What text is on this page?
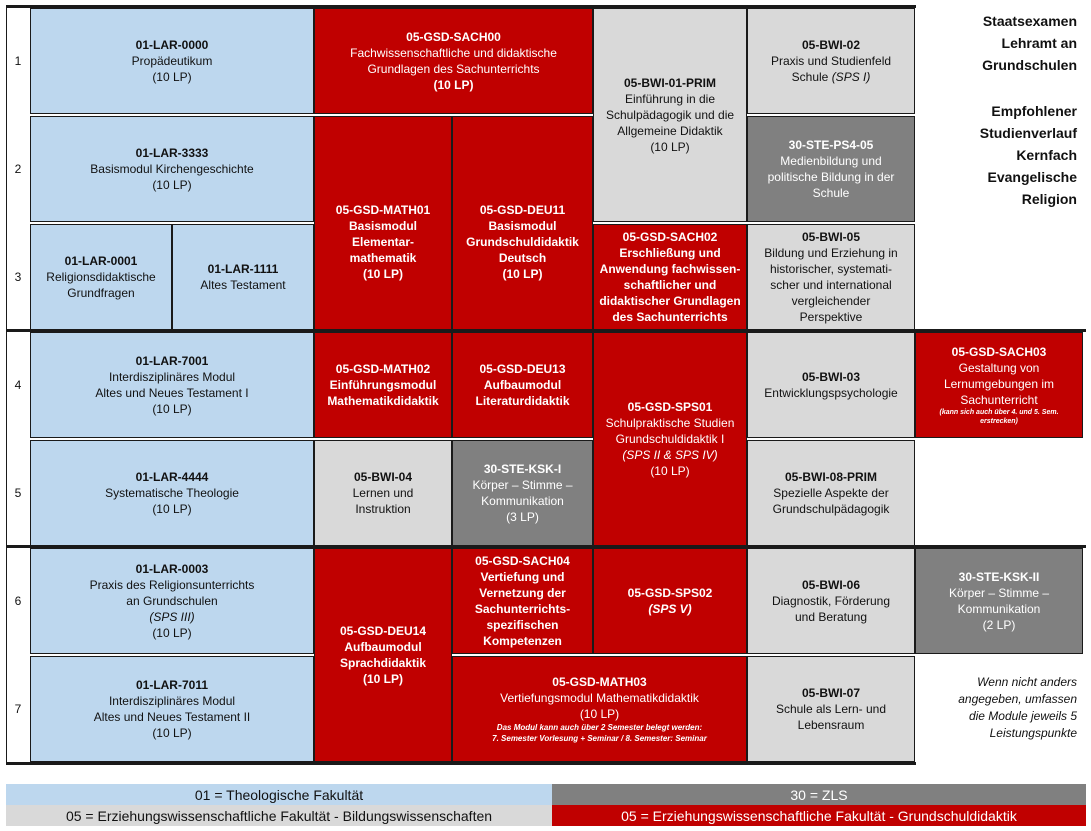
1
2
3
4
5
6
7
01-LAR-0000
Propädeutikum
(10 LP)
05-GSD-SACH00
Fachwissenschaftliche und didaktische
Grundlagen des Sachunterrichts
(10 LP)	05-BWI-01-PRIM
Einführung in die
Schulpädagogik und die
Allgemeine Didaktik
(10 LP)
05-BWI-02
Praxis und Studienfeld
Schule (SPS I)
01-LAR-3333
Basismodul Kirchengeschichte
(10 LP)
05-GSD-MATH01
Basismodul
Elementar-
mathematik
(10 LP)
05-GSD-DEU11
Basismodul
Grundschuldidaktik
Deutsch
(10 LP)
30-STE-PS4-05
Medienbildung und
politische Bildung in der
Schule
01-LAR-0001
Religionsdidaktische
Grundfragen
01-LAR-1111
Altes Testament
05-GSD-SACH02
Erschließung und
Anwendung fachwissen-
schaftlicher und
didaktischer Grundlagen
des Sachunterrichts
05-BWI-05
Bildung und Erziehung in
historischer, systemati-
scher und international
vergleichender
Perspektive
01-LAR-7001
Interdisziplinäres Modul
Altes und Neues Testament I
(10 LP)
05-GSD-MATH02
Einführungsmodul
Mathematikdidaktik
05-GSD-DEU13
Aufbaumodul
Literaturdidaktik	05-GSD-SPS01
Schulpraktische Studien
Grundschuldidaktik I
(SPS II & SPS IV)
(10 LP)
05-BWI-03
Entwicklungspsychologie
05-GSD-SACH03
Gestaltung von
Lernumgebungen im
Sachunterricht
(kann sich auch über 4. und 5. Sem. erstrecken)
01-LAR-4444
Systematische Theologie
(10 LP)
05-BWI-04
Lernen und
Instruktion
30-STE-KSK-I
Körper – Stimme –
Kommunikation
(3 LP)
05-BWI-08-PRIM
Spezielle Aspekte der
Grundschulpädagogik
01-LAR-0003
Praxis des Religionsunterrichts
an Grundschulen
(SPS III)
(10 LP)	05-GSD-DEU14
Aufbaumodul
Sprachdidaktik
(10 LP)
05-GSD-SACH04
Vertiefung und
Vernetzung der
Sachunterrichts-
spezifischen
Kompetenzen
05-GSD-SPS02
(SPS V)
05-BWI-06
Diagnostik, Förderung
und Beratung
30-STE-KSK-II
Körper – Stimme –
Kommunikation
(2 LP)
01-LAR-7011
Interdisziplinäres Modul
Altes und Neues Testament II
(10 LP)
05-GSD-MATH03
Vertiefungsmodul Mathematikdidaktik
(10 LP)
Das Modul kann auch über 2 Semester belegt werden:
7. Semester Vorlesung + Seminar / 8. Semester: Seminar
05-BWI-07
Schule als Lern- und
Lebensraum
Staatsexamen
Lehramt an
Grundschulen
Empfohlener
Studienverlauf
Kernfach
Evangelische
Religion
Wenn nicht anders
angegeben, umfassen
die Module jeweils 5
Leistungspunkte
01 = Theologische Fakultät	30 = ZLS
05 = Erziehungswissenschaftliche Fakultät - Bildungswissenschaften	05 = Erziehungswissenschaftliche Fakultät - Grundschuldidaktik
